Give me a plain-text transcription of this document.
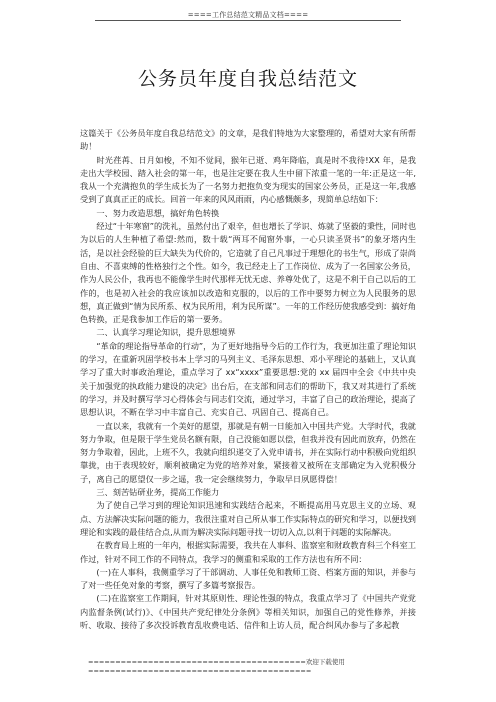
====工作总结范文精品文档====
公务员年度自我总结范文

这篇关于《公务员年度自我总结范文》的文章，是我们特地为大家整理的，希望对大家有所帮助！

时光荏苒、日月如梭，不知不觉间，猴年已逝、鸡年降临，真是时不我待!XX 年，是我走出大学校园、踏入社会的第一年，也是注定要在我人生中留下浓重一笔的一年:正是这一年,我从一个充满抱负的学生成长为了一名努力把抱负变为现实的国家公务员，正是这一年,我感受到了真真正正的成长。回首一年来的风风雨雨，内心感慨颇多，现简单总结如下：

一、努力改造思想，搞好角色转换

经过“十年寒窗”的洗礼，虽然付出了艰辛，但也增长了学识、炼就了坚毅的秉性，同时也为以后的人生种植了希望:然而，数十载“两耳不闻窗外事，一心只读圣贤书”的象牙塔内生活，是以社会经验的巨大缺失为代价的，它造就了自己凡事过于理想化的书生气，形成了崇尚自由、不喜束缚的性格独行之个性。如今，我已经走上了工作岗位、成为了一名国家公务员，作为人民公仆，我再也不能像学生时代那样无忧无虑、养尊处优了，这是不利于自己以后的工作的，也是初入社会的我应该加以改造和克服的，以后的工作中要努力树立为人民服务的思想，真正做到“情为民所系、权为民所用，利为民所谋”。一年的工作经历使我感受到：搞好角色转换，正是我参加工作后的第一要务。

二、认真学习理论知识，提升思想境界

“革命的理论指导革命的行动”，为了更好地指导今后的工作行为，我更加注重了理论知识的学习，在重新巩固学校书本上学习的马列主义、毛泽东思想、邓小平理论的基础上，又认真学习了重大时事政治理论，重点学习了 xx“xxxx”重要思想:党的 xx 届四中全会《中共中央关于加强党的执政能力建设的决定》出台后，在支部和同志们的帮助下，我又对其进行了系统的学习，并及时撰写学习心得体会与同志们交流，通过学习，丰富了自己的政治理论，提高了思想认识，不断在学习中丰富自己、充实自己、巩固自己、提高自己。

一直以来，我就有一个美好的愿望，那就是有朝一日能加入中国共产党。大学时代，我就努力争取，但是限于学生党员名额有限，自己没能如愿以偿，但我并没有因此而放弃，仍然在努力争取着，因此，上班不久，我就向组织递交了入党申请书，并在实际行动中积极向党组织靠拢，由于表现较好，顺利被确定为党的培养对象，紧接着又被所在支部确定为入党积极分子，离自己的愿望仅一步之遥，我一定会继续努力，争取早日夙愿得偿！

三、刻苦钻研业务，提高工作能力

为了使自己学习到的理论知识迅速和实践结合起来，不断提高用马克思主义的立场、观点、方法解决实际问题的能力，我很注重对自己所从事工作实际特点的研究和学习，以便找到理论和实践的最佳结合点,从而为解决实际问题寻找一切切入点,以利于问题的实际解决。

在教育局上班的一年内，根据实际需要，我共在人事科、监察室和财政教育科三个科室工作过，针对不同工作的不同特点，我学习的侧重和采取的工作方法也有所不同：

(一)在人事科，我侧重学习了干部调动、人事任免和教师工资、档案方面的知识，并参与了对一些任免对象的考察，撰写了多篇考察报告。

(二)在监察室工作期间，针对其原则性、理论性强的特点，我重点学习了《中国共产党党内监督条例(试行)》、《中国共产党纪律处分条例》等相关知识，加强自己的党性修养，并接听、收取、接待了多次投诉教育乱收费电话、信件和上访人员，配合纠风办参与了多起教

========================================欢迎下载使用
=========================================
